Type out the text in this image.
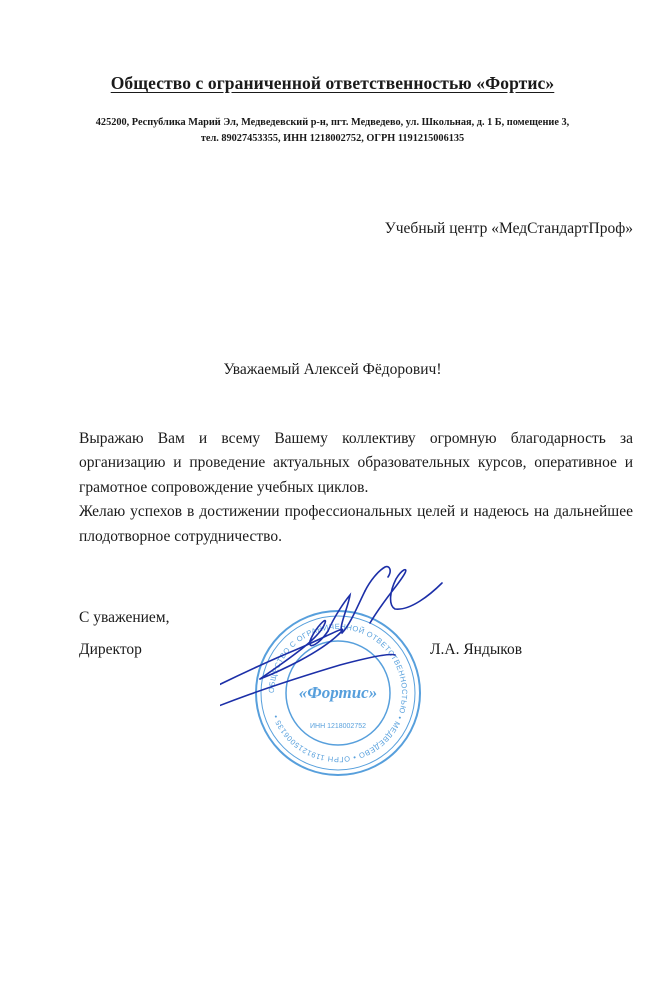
Общество с ограниченной ответственностью «Фортис»
425200, Республика Марий Эл, Медведевский р-н, пгт. Медведево, ул. Школьная, д. 1 Б, помещение 3,
тел. 89027453355, ИНН 1218002752, ОГРН 1191215006135
Учебный центр «МедСтандартПроф»
Уважаемый Алексей Фёдорович!

Выражаю Вам и всему Вашему коллективу огромную благодарность за организацию и проведение актуальных образовательных курсов, оперативное и грамотное сопровождение учебных циклов.

Желаю успехов в достижении профессиональных целей и надеюсь на дальнейшее плодотворное сотрудничество.

С уважением,
Директор	Л.А. Яндыков
ОБЩЕСТВО С ОГРАНИЧЕННОЙ ОТВЕТСТВЕННОСТЬЮ • МЕДВЕДЕВО • ОГРН 1191215006135 •
«Фортис»
ИНН 1218002752
